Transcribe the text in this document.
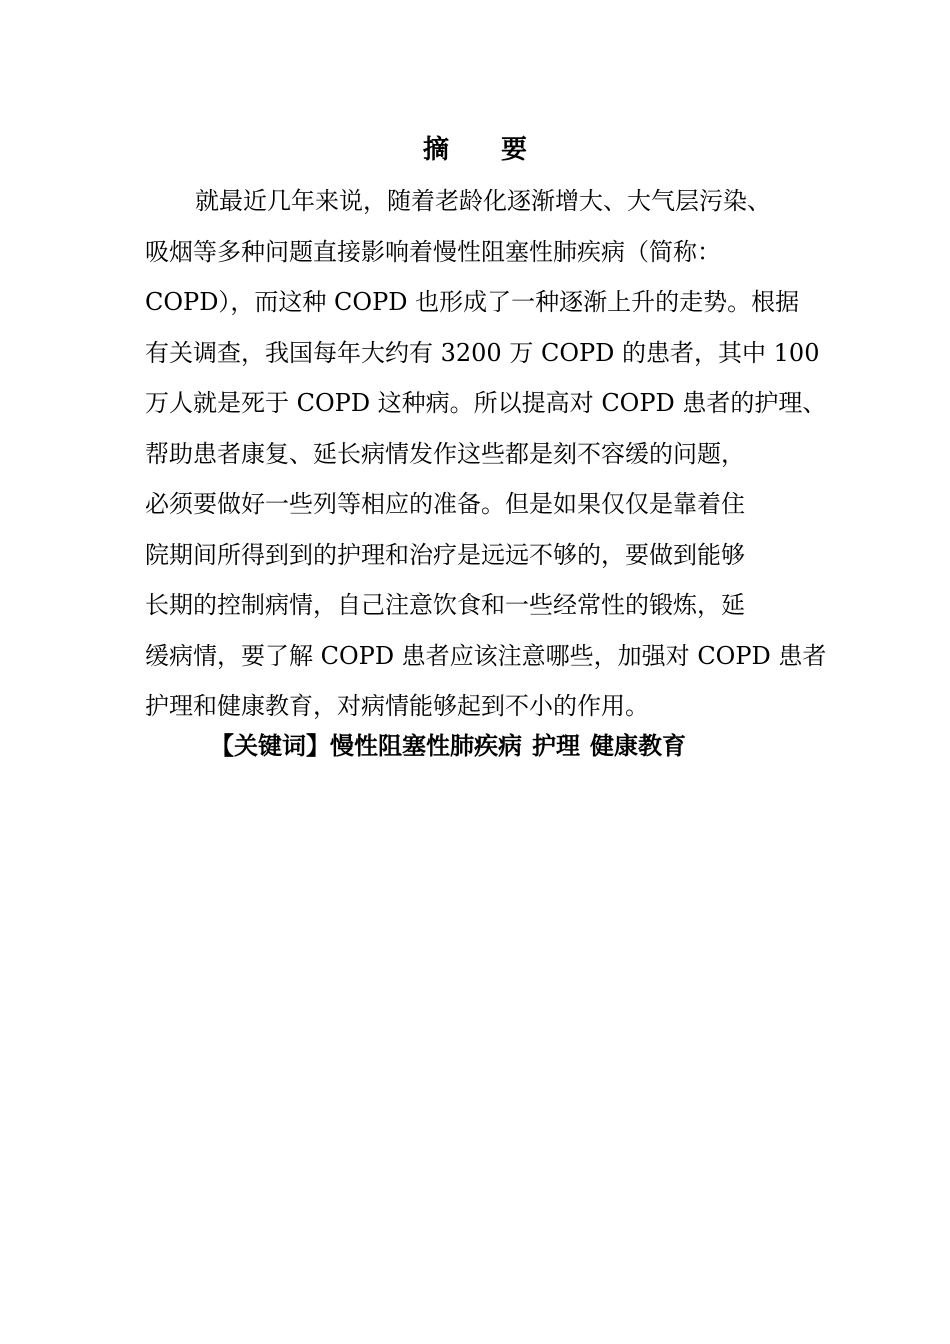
摘 要
就最近几年来说，随着老龄化逐渐增大、大气层污染、
吸烟等多种问题直接影响着慢性阻塞性肺疾病（简称：
COPD），而这种 COPD 也形成了一种逐渐上升的走势。根据
有关调查，我国每年大约有 3200 万 COPD 的患者，其中 100
万人就是死于 COPD 这种病。所以提高对 COPD 患者的护理、
帮助患者康复、延长病情发作这些都是刻不容缓的问题，
必须要做好一些列等相应的准备。但是如果仅仅是靠着住
院期间所得到到的护理和治疗是远远不够的，要做到能够
长期的控制病情，自己注意饮食和一些经常性的锻炼，延
缓病情，要了解 COPD 患者应该注意哪些，加强对 COPD 患者
护理和健康教育，对病情能够起到不小的作用。
【关键词】慢性阻塞性肺疾病 护理 健康教育
